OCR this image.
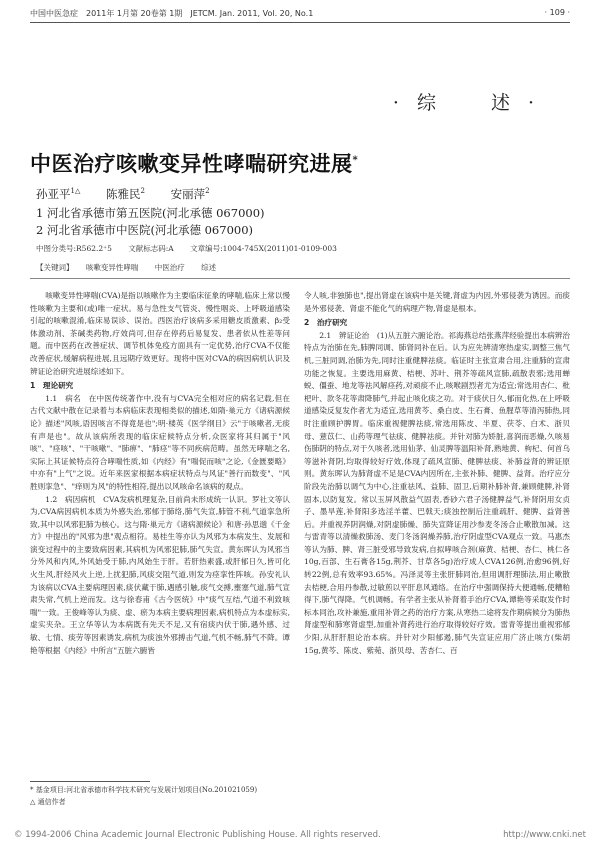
中国中医急症　2011年 1月第 20卷第 1期　JETCM. Jan. 2011, Vol. 20, No.1	· 109 ·
·综　述·
中医治疗咳嗽变异性哮喘研究进展*
孙亚平$^{1\triangle}$ 陈雅民$^2$ 安丽萍$^2$
1 河北省承德市第五医院(河北承德 067000)
2 河北省承德市中医院(河北承德 067000)
中图分类号:R562.2⁺5 文献标志码:A 文章编号:1004-745X(2011)01-0109-003
【关键词】 咳嗽变异性哮喘 中医治疗 综述

咳嗽变异性哮喘(CVA)是指以咳嗽作为主要临床征象的哮喘,临床上常以慢性咳嗽为主要和(或)唯一症状。易与急性支气管炎、慢性咽炎、上呼吸道感染引起的咳嗽混淆,临床易误诊、误治。西医治疗该病多采用糖皮质激素、β₂受体激动剂、茶碱类药物,疗效尚可,但存在停药后易复发、患者依从性差等问题。而中医药在改善症状、调节机体免疫方面具有一定优势,治疗CVA不仅能改善症状,缓解病程进展,且远期疗效更好。现将中医对CVA的病因病机认识及辨证论治研究进展综述如下。

1　理论研究

1.1　病名　在中医传统著作中,没有与CVA完全相对应的病名记载,但在古代文献中散在记录着与本病临床表现相类似的描述,如隋·巢元方《诸病源候论》描述"风咳,语因咳言不得竟是也";明·楼英《医学纲目》云"于咳嗽者,无痰有声是也"。故从该病所表现的临床症候特点分析,众医家将其归属于"风咳"、"痉咳"、"干咳嗽"、"肺痹"、"肺痉"等不同疾病范畴。虽然无哮喘之名,实际上其证候特点符合哮喘性质,如《内经》有"喘促而咳"之论,《金匮要略》中亦有"上气"之说。近年来医家根据本病症状特点与风证"善行而数变"、"风胜则挛急"、"痒则为风"的特性相符,提出以风咳命名该病的观点。

1.2　病因病机　CVA发病机理复杂,目前尚未形成统一认识。罗社文等认为,CVA病因病机本质为外感失治,邪郁于肺络,肺气失宣,肺管不利,气道挛急所致,其中以风邪犯肺为核心。这与隋·巢元方《诸病源候论》和唐·孙思邈《千金方》中提出的"风邪为患"观点相符。易桂生等亦认为风邪为本病发生、发展和演变过程中的主要致病因素,其病机为风邪犯肺,肺气失宣。黄东晖认为风邪当分外风和内风,外风始受于肺,内风始生于肝。若肝热素盛,或肝郁日久,皆可化火生风,肝经风火上逆,上扰犯肺,风痰交阻气道,则发为痉挛性阵咳。孙安礼认为该病以CVA主要病理因素,痰伏藏于肺,遇感引触,痰气交搏,壅塞气道,肺气宣肃失常,气机上逆而发。这与徐春甫《古今医统》中"痰气互结,气道不利致咳喘"一致。王俊峰等认为痰、虚、瘀为本病主要病理因素,病机特点为本虚标实,虚实夹杂。王立华等认为本病既有先天不足,又有宿痰内伏于肺,遇外感、过敏、七情、痰劳等因素诱发,病机为痰浊外邪搏击气道,气机不畅,肺气不降。谭艳等根据《内经》中所言"五脏六腑皆

令人咳,非独肺也",提出肾虚在该病中是关键,肾虚为内因,外邪侵袭为诱因。而痰是外邪侵袭、肾虚不能化气的病理产物,肾虚是根本。

2　治疗研究

2.1　辨证论治　(1)从五脏六腑论治。祁海燕总结张燕萍经验提出本病辨治特点为治肺在先,肺脾同调、肺肾同补在后。认为应先辨清寒热虚实,调整三焦气机,三脏同调,治肺为先,同时注重健脾祛痰。临证时主张宣肃合用,注重肺的宣肃功能之恢复。主要选用麻黄、桔梗、苏叶、荆芥等疏风宣肺,疏散表邪;选用蝉蜕、僵蚕、地龙等祛风解痉药,对顽痰不止,咳喉剧烈者尤为适宜;常选用杏仁、枇杷叶、款冬花等肃降肺气,并起止咳化痰之功。对于痰伏日久,郁而化热,在上呼吸道感染反复发作者尤为适宜,选用黄芩、桑白皮、生石膏、鱼腥草等清泻肺热,同时注重顾护脾胃。临床重视健脾祛痰,常选用陈皮、半夏、茯苓、白术、浙贝母、薏苡仁、山药等理气祛痰、健脾祛痰。并针对肺为娇脏,喜润而恶燥,久咳易伤肺阴的特点,对于久咳者,选用仙茅、仙灵脾等温阳补肾,熟地黄、枸杞、何首乌等滋补肾阴,均取得较好疗效,体现了疏风宣肺、健脾祛痰、补肺益肾的辨证原则。黄东晖认为肺肾虚不足是CVA内因所在,主张补肺、健脾、益肾。治疗应分阶段先治肺以调气为中心,注重祛风、益肺、固卫,后期补肺补肾,兼顾健脾,补肾固本,以防复发。常以玉屏风散益气固表,香砂六君子汤健脾益气,补肾阴用女贞子、墨旱莲,补肾阳多选淫羊藿、巴戟天;痰浊控制后注重疏肝、健脾、益肾善后。并重视养阴润燥,对阴虚肺燥、肺失宣降证用沙参麦冬汤合止嗽散加减。这与雷青等以清燥救肺汤、麦门冬汤润燥养肺,治疗阴虚型CVA观点一致。马惠杰等认为肺、脾、肾三脏受邪导致发病,自拟哮咳合剂(麻黄、桔梗、杏仁、桃仁各10g,百部、生石膏各15g,荆芥、甘草各5g)治疗成人CVA126例,治愈96例,好转22例,总有效率93.65%。冯泽灵等主张肝肺同治,但用调肝理肺法,用止嗽散去桔梗,合用丹参散,过敏煎以平肝息风通络。在治疗中强调保持大便通畅,使糟粕得下,肺气得降。气机调畅。有学者主张从补肾着手治疗CVA,谭艳等采取发作时标本同治,攻补兼施,重用补肾之药的治疗方案,从寒热二途将发作期病候分为肺热肾虚型和肺寒肾虚型,加重补肾药进行治疗取得较好疗效。雷青等提出重视邪郁少阳,从肝肝胆论治本病。并针对少阳郁遏,肺气失宣证应用广济止咳方(柴胡15g,黄芩、陈皮、紫菀、浙贝母、苦杏仁、百

* 基金项目:河北省承德市科学技术研究与发展计划项目(No.201021059)
△ 通信作者
© 1994-2006 China Academic Journal Electronic Publishing House. All rights reserved.	http://www.cnki.net
